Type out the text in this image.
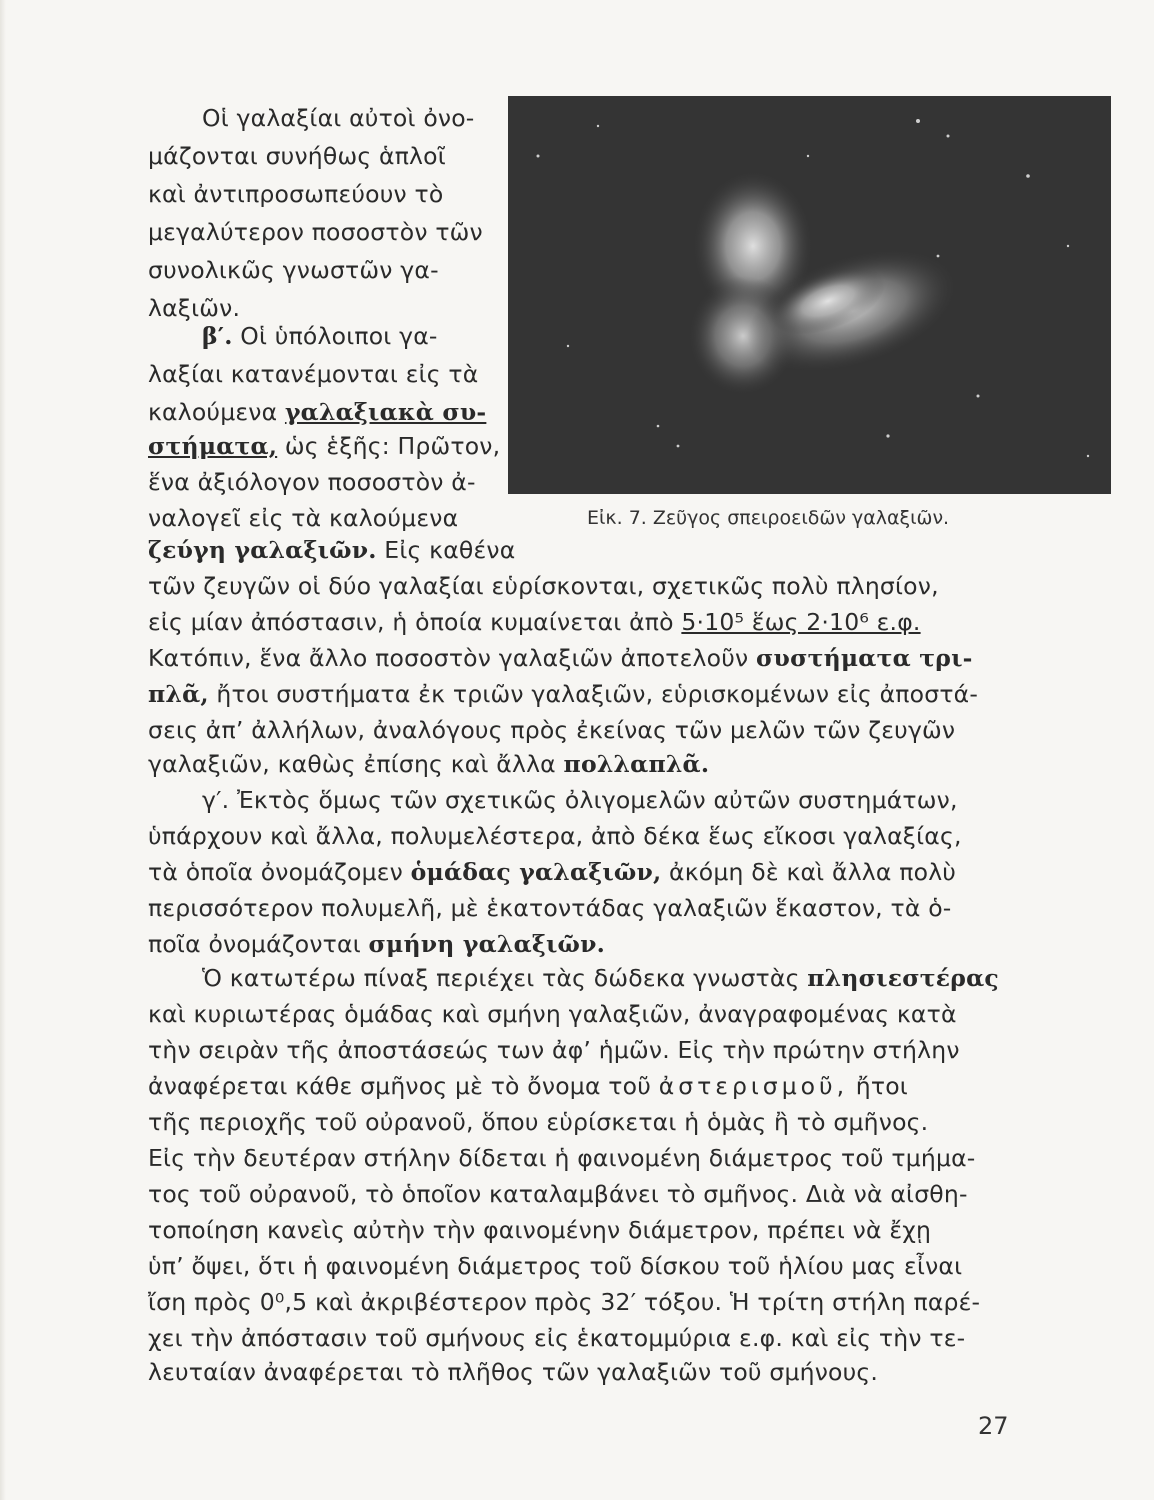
Εἰκ. 7. Ζεῦγος σπειροειδῶν γαλαξιῶν.
Οἱ γαλαξίαι αὐτοὶ ὀνο-
μάζονται συνήθως ἁπλοῖ
καὶ ἀντιπροσωπεύουν τὸ
μεγαλύτερον ποσοστὸν τῶν
συνολικῶς γνωστῶν γα-
λαξιῶν.
β′. Οἱ ὑπόλοιποι γα-
λαξίαι κατανέμονται εἰς τὰ
καλούμενα γαλαξιακὰ συ-
στήματα, ὡς ἑξῆς: Πρῶτον,
ἕνα ἀξιόλογον ποσοστὸν ἀ-
ναλογεῖ εἰς τὰ καλούμενα
ζεύγη γαλαξιῶν. Εἰς καθένα
τῶν ζευγῶν οἱ δύο γαλαξίαι εὑρίσκονται, σχετικῶς πολὺ πλησίον,
εἰς μίαν ἀπόστασιν, ἡ ὁποία κυμαίνεται ἀπὸ 5·10⁵ ἕως 2·10⁶ ε.φ.
Κατόπιν, ἕνα ἄλλο ποσοστὸν γαλαξιῶν ἀποτελοῦν συστήματα τρι-
πλᾶ, ἤτοι συστήματα ἐκ τριῶν γαλαξιῶν, εὑρισκομένων εἰς ἀποστά-
σεις ἀπ’ ἀλλήλων, ἀναλόγους πρὸς ἐκείνας τῶν μελῶν τῶν ζευγῶν
γαλαξιῶν, καθὼς ἐπίσης καὶ ἄλλα πολλαπλᾶ.
γ′. Ἐκτὸς ὅμως τῶν σχετικῶς ὀλιγομελῶν αὐτῶν συστημάτων,
ὑπάρχουν καὶ ἄλλα, πολυμελέστερα, ἀπὸ δέκα ἕως εἴκοσι γαλαξίας,
τὰ ὁποῖα ὀνομάζομεν ὁμάδας γαλαξιῶν, ἀκόμη δὲ καὶ ἄλλα πολὺ
περισσότερον πολυμελῆ, μὲ ἑκατοντάδας γαλαξιῶν ἕκαστον, τὰ ὁ-
ποῖα ὀνομάζονται σμήνη γαλαξιῶν.
Ὁ κατωτέρω πίναξ περιέχει τὰς δώδεκα γνωστὰς πλησιεστέρας
καὶ κυριωτέρας ὁμάδας καὶ σμήνη γαλαξιῶν, ἀναγραφομένας κατὰ
τὴν σειρὰν τῆς ἀποστάσεώς των ἀφ’ ἡμῶν. Εἰς τὴν πρώτην στήλην
ἀναφέρεται κάθε σμῆνος μὲ τὸ ὄνομα τοῦ ἀστερισμοῦ, ἤτοι
τῆς περιοχῆς τοῦ οὐρανοῦ, ὅπου εὑρίσκεται ἡ ὁμὰς ἢ τὸ σμῆνος.
Εἰς τὴν δευτέραν στήλην δίδεται ἡ φαινομένη διάμετρος τοῦ τμήμα-
τος τοῦ οὐρανοῦ, τὸ ὁποῖον καταλαμβάνει τὸ σμῆνος. Διὰ νὰ αἰσθη-
τοποίηση κανεὶς αὐτὴν τὴν φαινομένην διάμετρον, πρέπει νὰ ἔχῃ
ὑπ’ ὄψει, ὅτι ἡ φαινομένη διάμετρος τοῦ δίσκου τοῦ ἡλίου μας εἶναι
ἴση πρὸς 0⁰,5 καὶ ἀκριβέστερον πρὸς 32′ τόξου. Ἡ τρίτη στήλη παρέ-
χει τὴν ἀπόστασιν τοῦ σμήνους εἰς ἑκατομμύρια ε.φ. καὶ εἰς τὴν τε-
λευταίαν ἀναφέρεται τὸ πλῆθος τῶν γαλαξιῶν τοῦ σμήνους.
27
